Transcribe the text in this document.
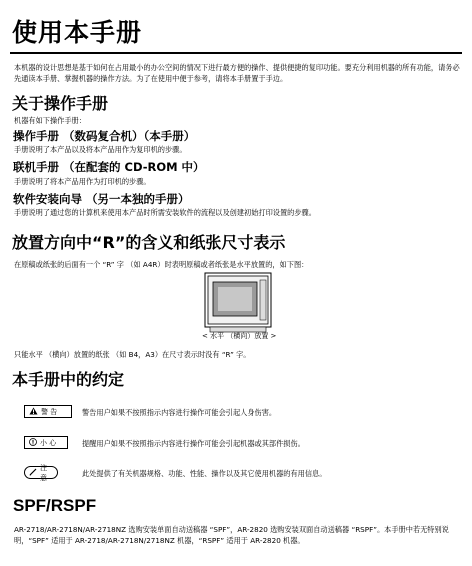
使用本手册

本机器的设计思想是基于如何在占用最小的办公空间的情况下进行最方便的操作、提供便捷的复印功能。要充分利用机器的所有功能，请务必先通读本手册、掌握机器的操作方法。为了在使用中便于参考，请将本手册置于手边。

关于操作手册

机器有如下操作手册：

操作手册 （数码复合机）（本手册）

手册说明了本产品以及将本产品用作为复印机的步骤。

联机手册 （在配套的 CD-ROM 中）

手册说明了将本产品用作为打印机的步骤。

软件安装向导 （另一本独的手册）

手册说明了通过您的计算机来使用本产品时所需安装软件的流程以及创建初始打印设置的步骤。

放置方向中“R”的含义和纸张尺寸表示

在原稿或纸张的后面有一个 “R” 字 （如 A4R）时表明原稿或者纸张是水平放置的，如下图：

< 水平 （横向）放置 >

只能水平 （横向）放置的纸张 （如 B4，A3）在尺寸表示时没有 “R” 字。

本手册中的约定
警 告	警告用户如果不按照指示内容进行操作可能会引起人身伤害。
小 心	提醒用户如果不按照指示内容进行操作可能会引起机器或其部件损伤。
注意	此处提供了有关机器规格、功能、性能、操作以及其它使用机器的有用信息。
SPF/RSPF

AR-2718/AR-2718N/AR-2718NZ 选购安装单面自动送稿器 “SPF”，AR-2820 选购安装双面自动送稿器 “RSPF”。本手册中若无特别说明，“SPF” 适用于 AR-2718/AR-2718N/2718NZ 机器，“RSPF” 适用于 AR-2820 机器。
